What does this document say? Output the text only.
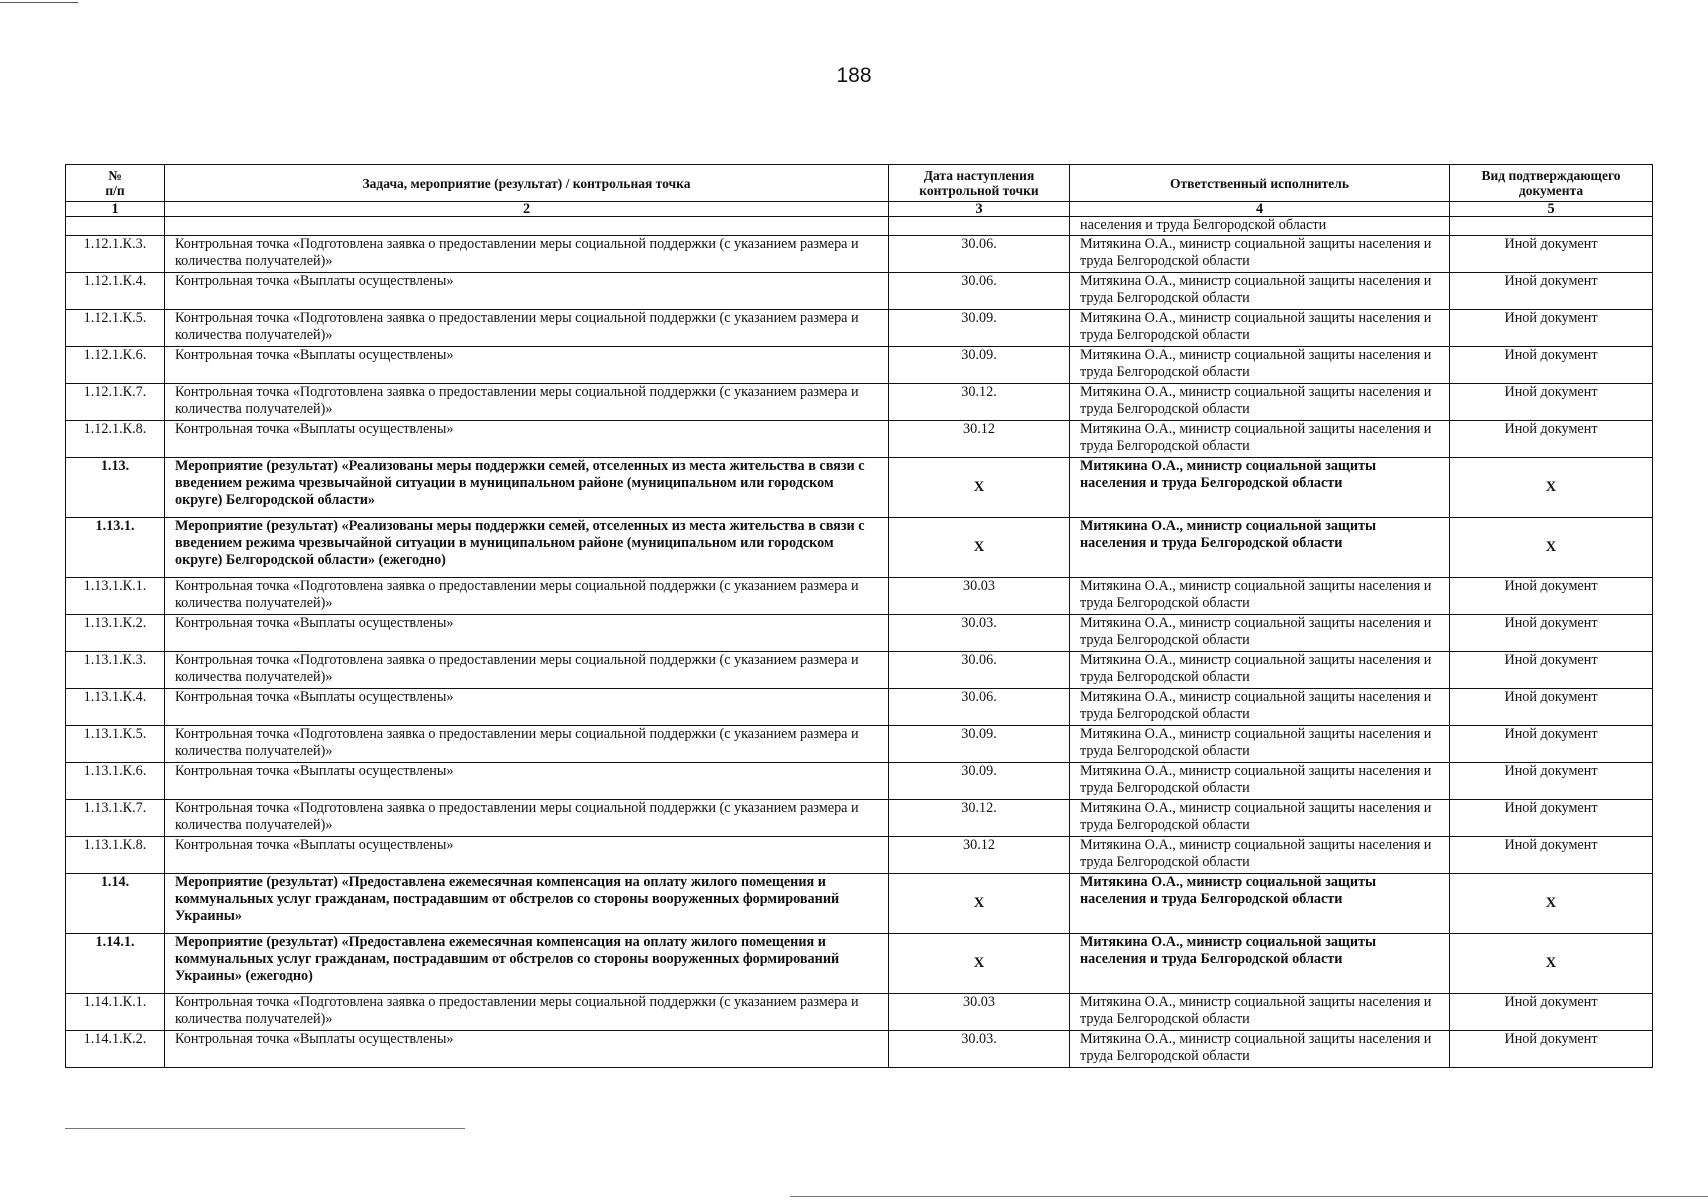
188
№
п/п	Задача, мероприятие (результат) / контрольная точка	Дата наступления контрольной точки	Ответственный исполнитель	Вид подтверждающего документа
1	2	3	4	5
			населения и труда Белгородской области	
1.12.1.К.3.	Контрольная точка «Подготовлена заявка о предоставлении меры социальной поддержки (с указанием размера и количества получателей)»	30.06.	Митякина О.А., министр социальной защиты населения и труда Белгородской области	Иной документ
1.12.1.К.4.	Контрольная точка «Выплаты осуществлены»	30.06.	Митякина О.А., министр социальной защиты населения и труда Белгородской области	Иной документ
1.12.1.К.5.	Контрольная точка «Подготовлена заявка о предоставлении меры социальной поддержки (с указанием размера и количества получателей)»	30.09.	Митякина О.А., министр социальной защиты населения и труда Белгородской области	Иной документ
1.12.1.К.6.	Контрольная точка «Выплаты осуществлены»	30.09.	Митякина О.А., министр социальной защиты населения и труда Белгородской области	Иной документ
1.12.1.К.7.	Контрольная точка «Подготовлена заявка о предоставлении меры социальной поддержки (с указанием размера и количества получателей)»	30.12.	Митякина О.А., министр социальной защиты населения и труда Белгородской области	Иной документ
1.12.1.К.8.	Контрольная точка «Выплаты осуществлены»	30.12	Митякина О.А., министр социальной защиты населения и труда Белгородской области	Иной документ
1.13.	Мероприятие (результат) «Реализованы меры поддержки семей, отселенных из места жительства в связи с введением режима чрезвычайной ситуации в муниципальном районе (муниципальном или городском округе) Белгородской области»	Х	Митякина О.А., министр социальной защиты населения и труда Белгородской области	Х
1.13.1.	Мероприятие (результат) «Реализованы меры поддержки семей, отселенных из места жительства в связи с введением режима чрезвычайной ситуации в муниципальном районе (муниципальном или городском округе) Белгородской области» (ежегодно)	Х	Митякина О.А., министр социальной защиты населения и труда Белгородской области	Х
1.13.1.К.1.	Контрольная точка «Подготовлена заявка о предоставлении меры социальной поддержки (с указанием размера и количества получателей)»	30.03	Митякина О.А., министр социальной защиты населения и труда Белгородской области	Иной документ
1.13.1.К.2.	Контрольная точка «Выплаты осуществлены»	30.03.	Митякина О.А., министр социальной защиты населения и труда Белгородской области	Иной документ
1.13.1.К.3.	Контрольная точка «Подготовлена заявка о предоставлении меры социальной поддержки (с указанием размера и количества получателей)»	30.06.	Митякина О.А., министр социальной защиты населения и труда Белгородской области	Иной документ
1.13.1.К.4.	Контрольная точка «Выплаты осуществлены»	30.06.	Митякина О.А., министр социальной защиты населения и труда Белгородской области	Иной документ
1.13.1.К.5.	Контрольная точка «Подготовлена заявка о предоставлении меры социальной поддержки (с указанием размера и количества получателей)»	30.09.	Митякина О.А., министр социальной защиты населения и труда Белгородской области	Иной документ
1.13.1.К.6.	Контрольная точка «Выплаты осуществлены»	30.09.	Митякина О.А., министр социальной защиты населения и труда Белгородской области	Иной документ
1.13.1.К.7.	Контрольная точка «Подготовлена заявка о предоставлении меры социальной поддержки (с указанием размера и количества получателей)»	30.12.	Митякина О.А., министр социальной защиты населения и труда Белгородской области	Иной документ
1.13.1.К.8.	Контрольная точка «Выплаты осуществлены»	30.12	Митякина О.А., министр социальной защиты населения и труда Белгородской области	Иной документ
1.14.	Мероприятие (результат) «Предоставлена ежемесячная компенсация на оплату жилого помещения и коммунальных услуг гражданам, пострадавшим от обстрелов со стороны вооруженных формирований Украины»	Х	Митякина О.А., министр социальной защиты населения и труда Белгородской области	Х
1.14.1.	Мероприятие (результат) «Предоставлена ежемесячная компенсация на оплату жилого помещения и коммунальных услуг гражданам, пострадавшим от обстрелов со стороны вооруженных формирований Украины» (ежегодно)	Х	Митякина О.А., министр социальной защиты населения и труда Белгородской области	Х
1.14.1.К.1.	Контрольная точка «Подготовлена заявка о предоставлении меры социальной поддержки (с указанием размера и количества получателей)»	30.03	Митякина О.А., министр социальной защиты населения и труда Белгородской области	Иной документ
1.14.1.К.2.	Контрольная точка «Выплаты осуществлены»	30.03.	Митякина О.А., министр социальной защиты населения и труда Белгородской области	Иной документ
